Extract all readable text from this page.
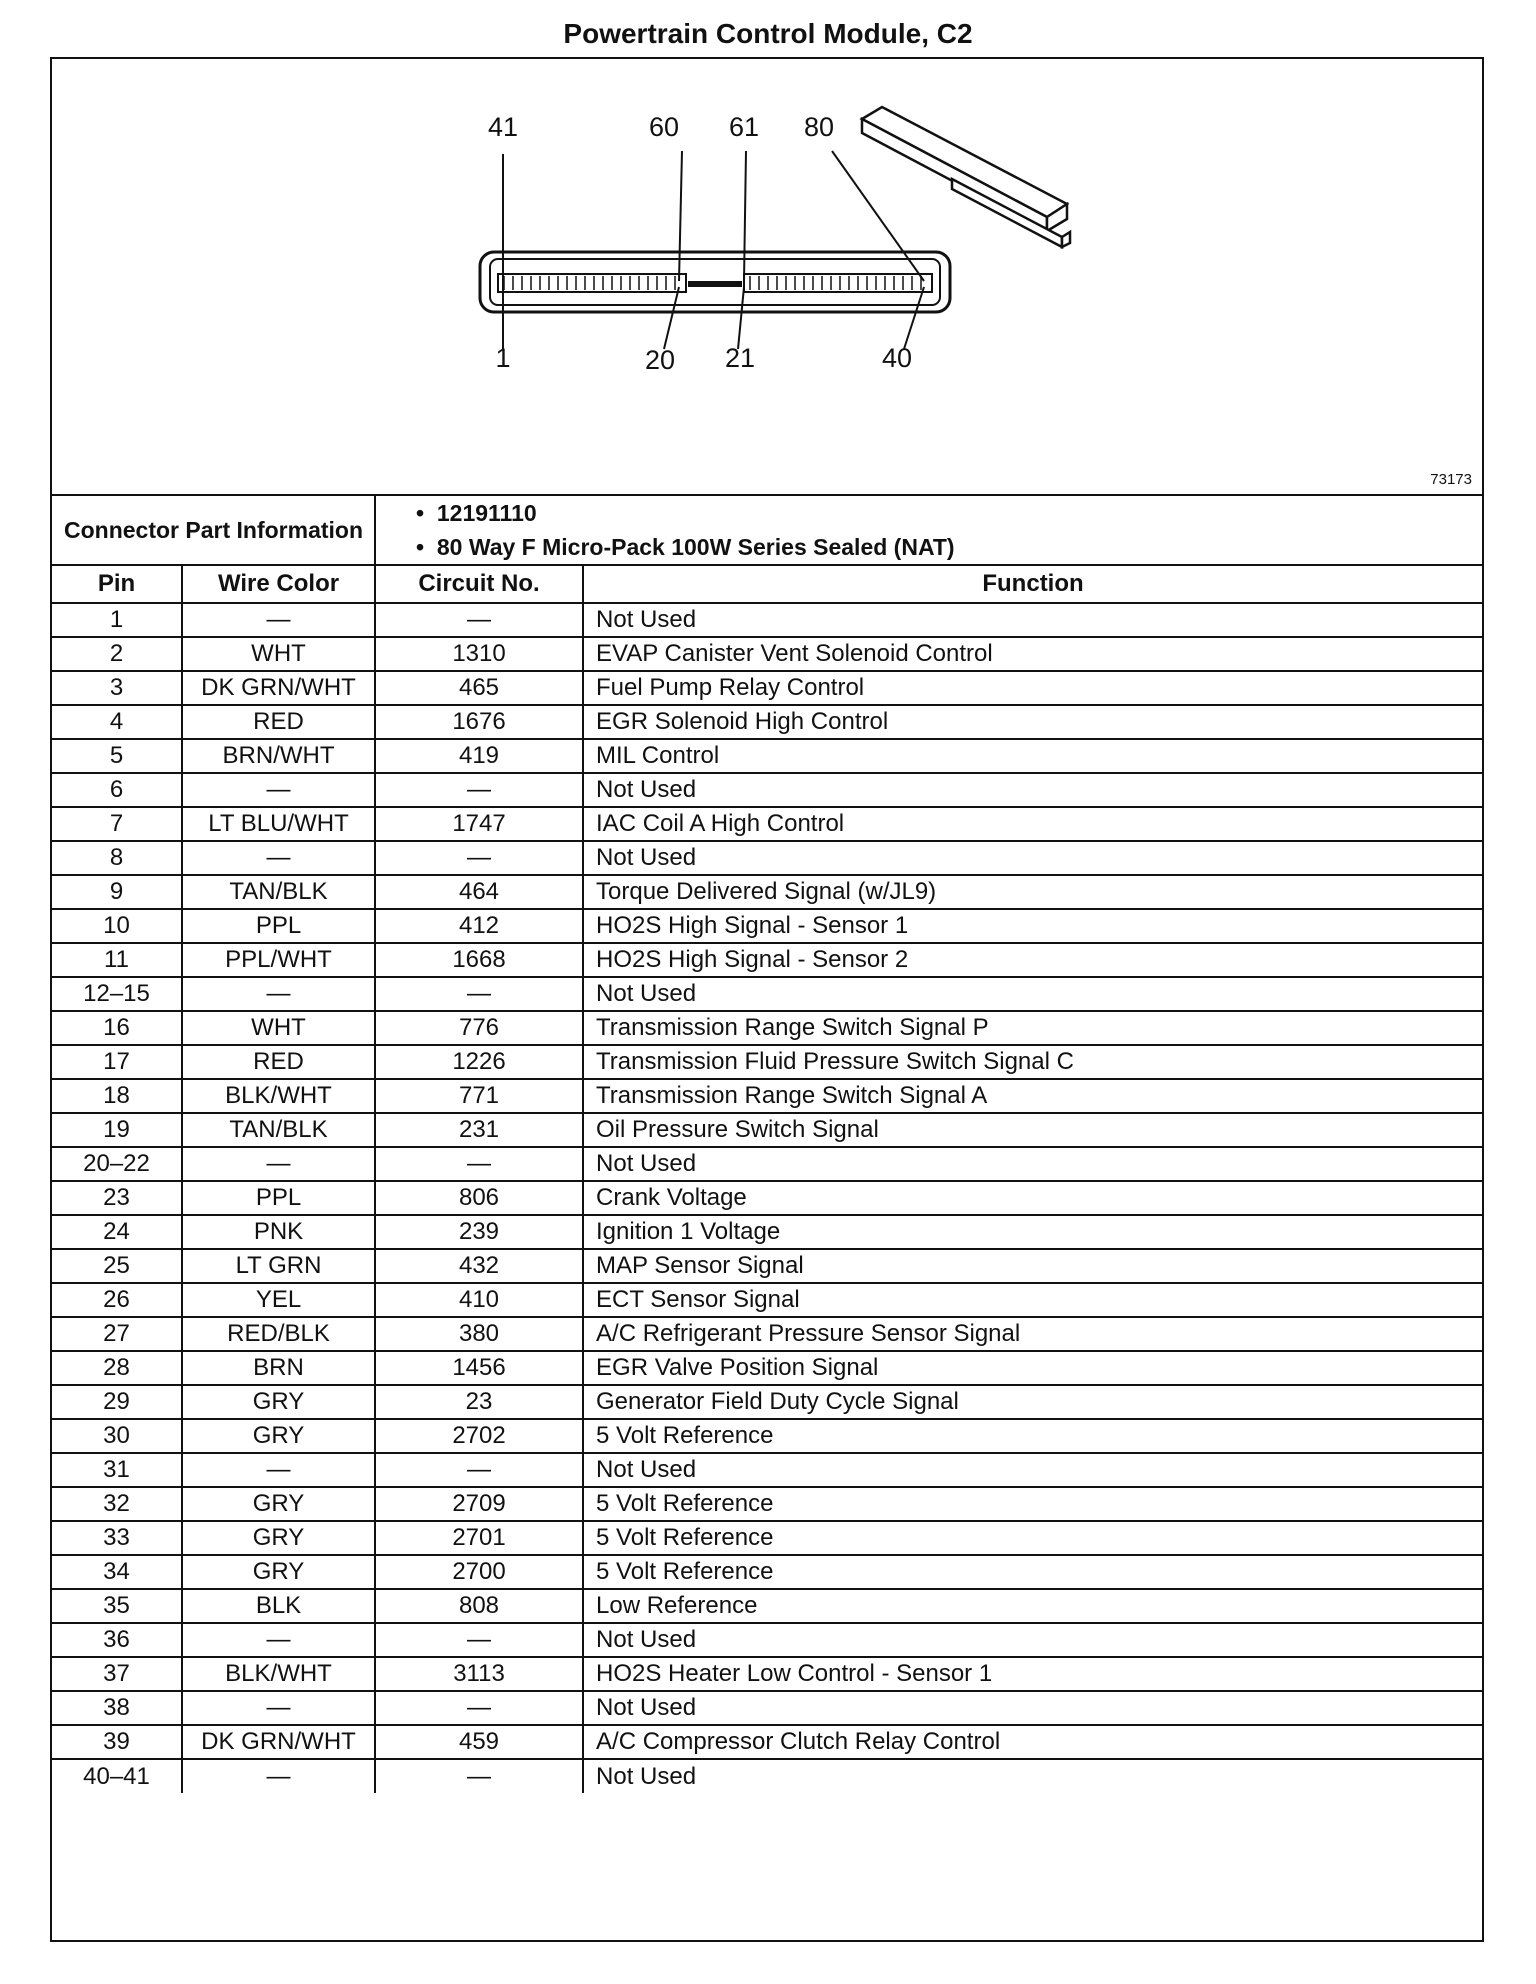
Powertrain Control Module, C2
41	60 61 80
1	20 21	40
73173
Connector Part Information		•  12191110
•  80 Way F Micro-Pack 100W Series Sealed (NAT)	

Pin	Wire Color	Circuit No.	Function
1	—	—	Not Used
2	WHT	1310	EVAP Canister Vent Solenoid Control
3	DK GRN/WHT	465	Fuel Pump Relay Control
4	RED	1676	EGR Solenoid High Control
5	BRN/WHT	419	MIL Control
6	—	—	Not Used
7	LT BLU/WHT	1747	IAC Coil A High Control
8	—	—	Not Used
9	TAN/BLK	464	Torque Delivered Signal (w/JL9)
10	PPL	412	HO2S High Signal - Sensor 1
11	PPL/WHT	1668	HO2S High Signal - Sensor 2
12–15	—	—	Not Used
16	WHT	776	Transmission Range Switch Signal P
17	RED	1226	Transmission Fluid Pressure Switch Signal C
18	BLK/WHT	771	Transmission Range Switch Signal A
19	TAN/BLK	231	Oil Pressure Switch Signal
20–22	—	—	Not Used
23	PPL	806	Crank Voltage
24	PNK	239	Ignition 1 Voltage
25	LT GRN	432	MAP Sensor Signal
26	YEL	410	ECT Sensor Signal
27	RED/BLK	380	A/C Refrigerant Pressure Sensor Signal
28	BRN	1456	EGR Valve Position Signal
29	GRY	23	Generator Field Duty Cycle Signal
30	GRY	2702	5 Volt Reference
31	—	—	Not Used
32	GRY	2709	5 Volt Reference
33	GRY	2701	5 Volt Reference
34	GRY	2700	5 Volt Reference
35	BLK	808	Low Reference
36	—	—	Not Used
37	BLK/WHT	3113	HO2S Heater Low Control - Sensor 1
38	—	—	Not Used
39	DK GRN/WHT	459	A/C Compressor Clutch Relay Control
40–41	—	—	Not Used
